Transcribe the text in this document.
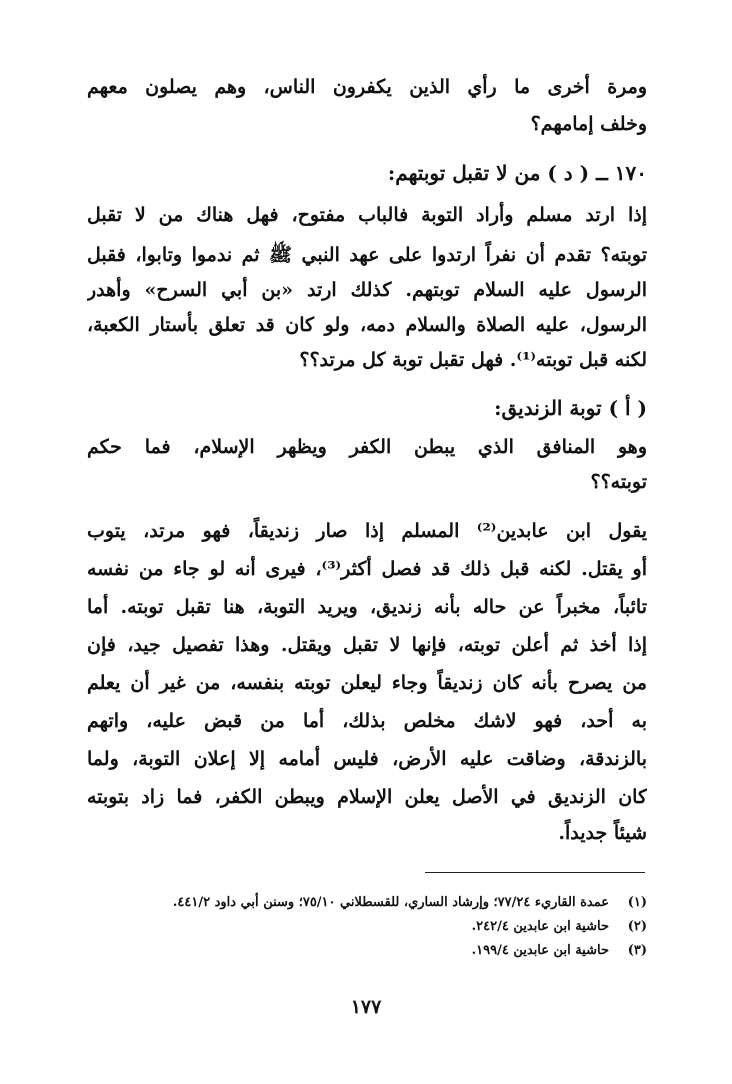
ومرة أخرى ما رأي الذين يكفرون الناس، وهم يصلون معهم
وخلف إمامهم؟
١٧٠ ــ ( د ) من لا تقبل توبتهم:
إذا ارتد مسلم وأراد التوبة فالباب مفتوح، فهل هناك من لا تقبل
توبته؟ تقدم أن نفراً ارتدوا على عهد النبي ﷺ ثم ندموا وتابوا، فقبل
الرسول عليه السلام توبتهم. كذلك ارتد «بن أبي السرح» وأهدر
الرسول، عليه الصلاة والسلام دمه، ولو كان قد تعلق بأستار الكعبة،
لكنه قبل توبته⁽¹⁾. فهل تقبل توبة كل مرتد؟؟
( أ ) توبة الزنديق:
وهو المنافق الذي يبطن الكفر ويظهر الإسلام، فما حكم
توبته؟؟
يقول ابن عابدين⁽²⁾ المسلم إذا صار زنديقاً، فهو مرتد، يتوب
أو يقتل. لكنه قبل ذلك قد فصل أكثر⁽³⁾، فيرى أنه لو جاء من نفسه
تائباً، مخبراً عن حاله بأنه زنديق، ويريد التوبة، هنا تقبل توبته. أما
إذا أخذ ثم أعلن توبته، فإنها لا تقبل ويقتل. وهذا تفصيل جيد، فإن
من يصرح بأنه كان زنديقاً وجاء ليعلن توبته بنفسه، من غير أن يعلم
به أحد، فهو لاشك مخلص بذلك، أما من قبض عليه، واتهم
بالزندقة، وضاقت عليه الأرض، فليس أمامه إلا إعلان التوبة، ولما
كان الزنديق في الأصل يعلن الإسلام ويبطن الكفر، فما زاد بتوبته
شيئاً جديداً.
(١)عمدة القاريء ٧٧/٢٤؛ وإرشاد الساري، للقسطلاني ٧٥/١٠؛ وسنن أبي داود ٤٤١/٢.
(٢)حاشية ابن عابدين ٢٤٢/٤.
(٣)حاشية ابن عابدين ١٩٩/٤.
١٧٧
